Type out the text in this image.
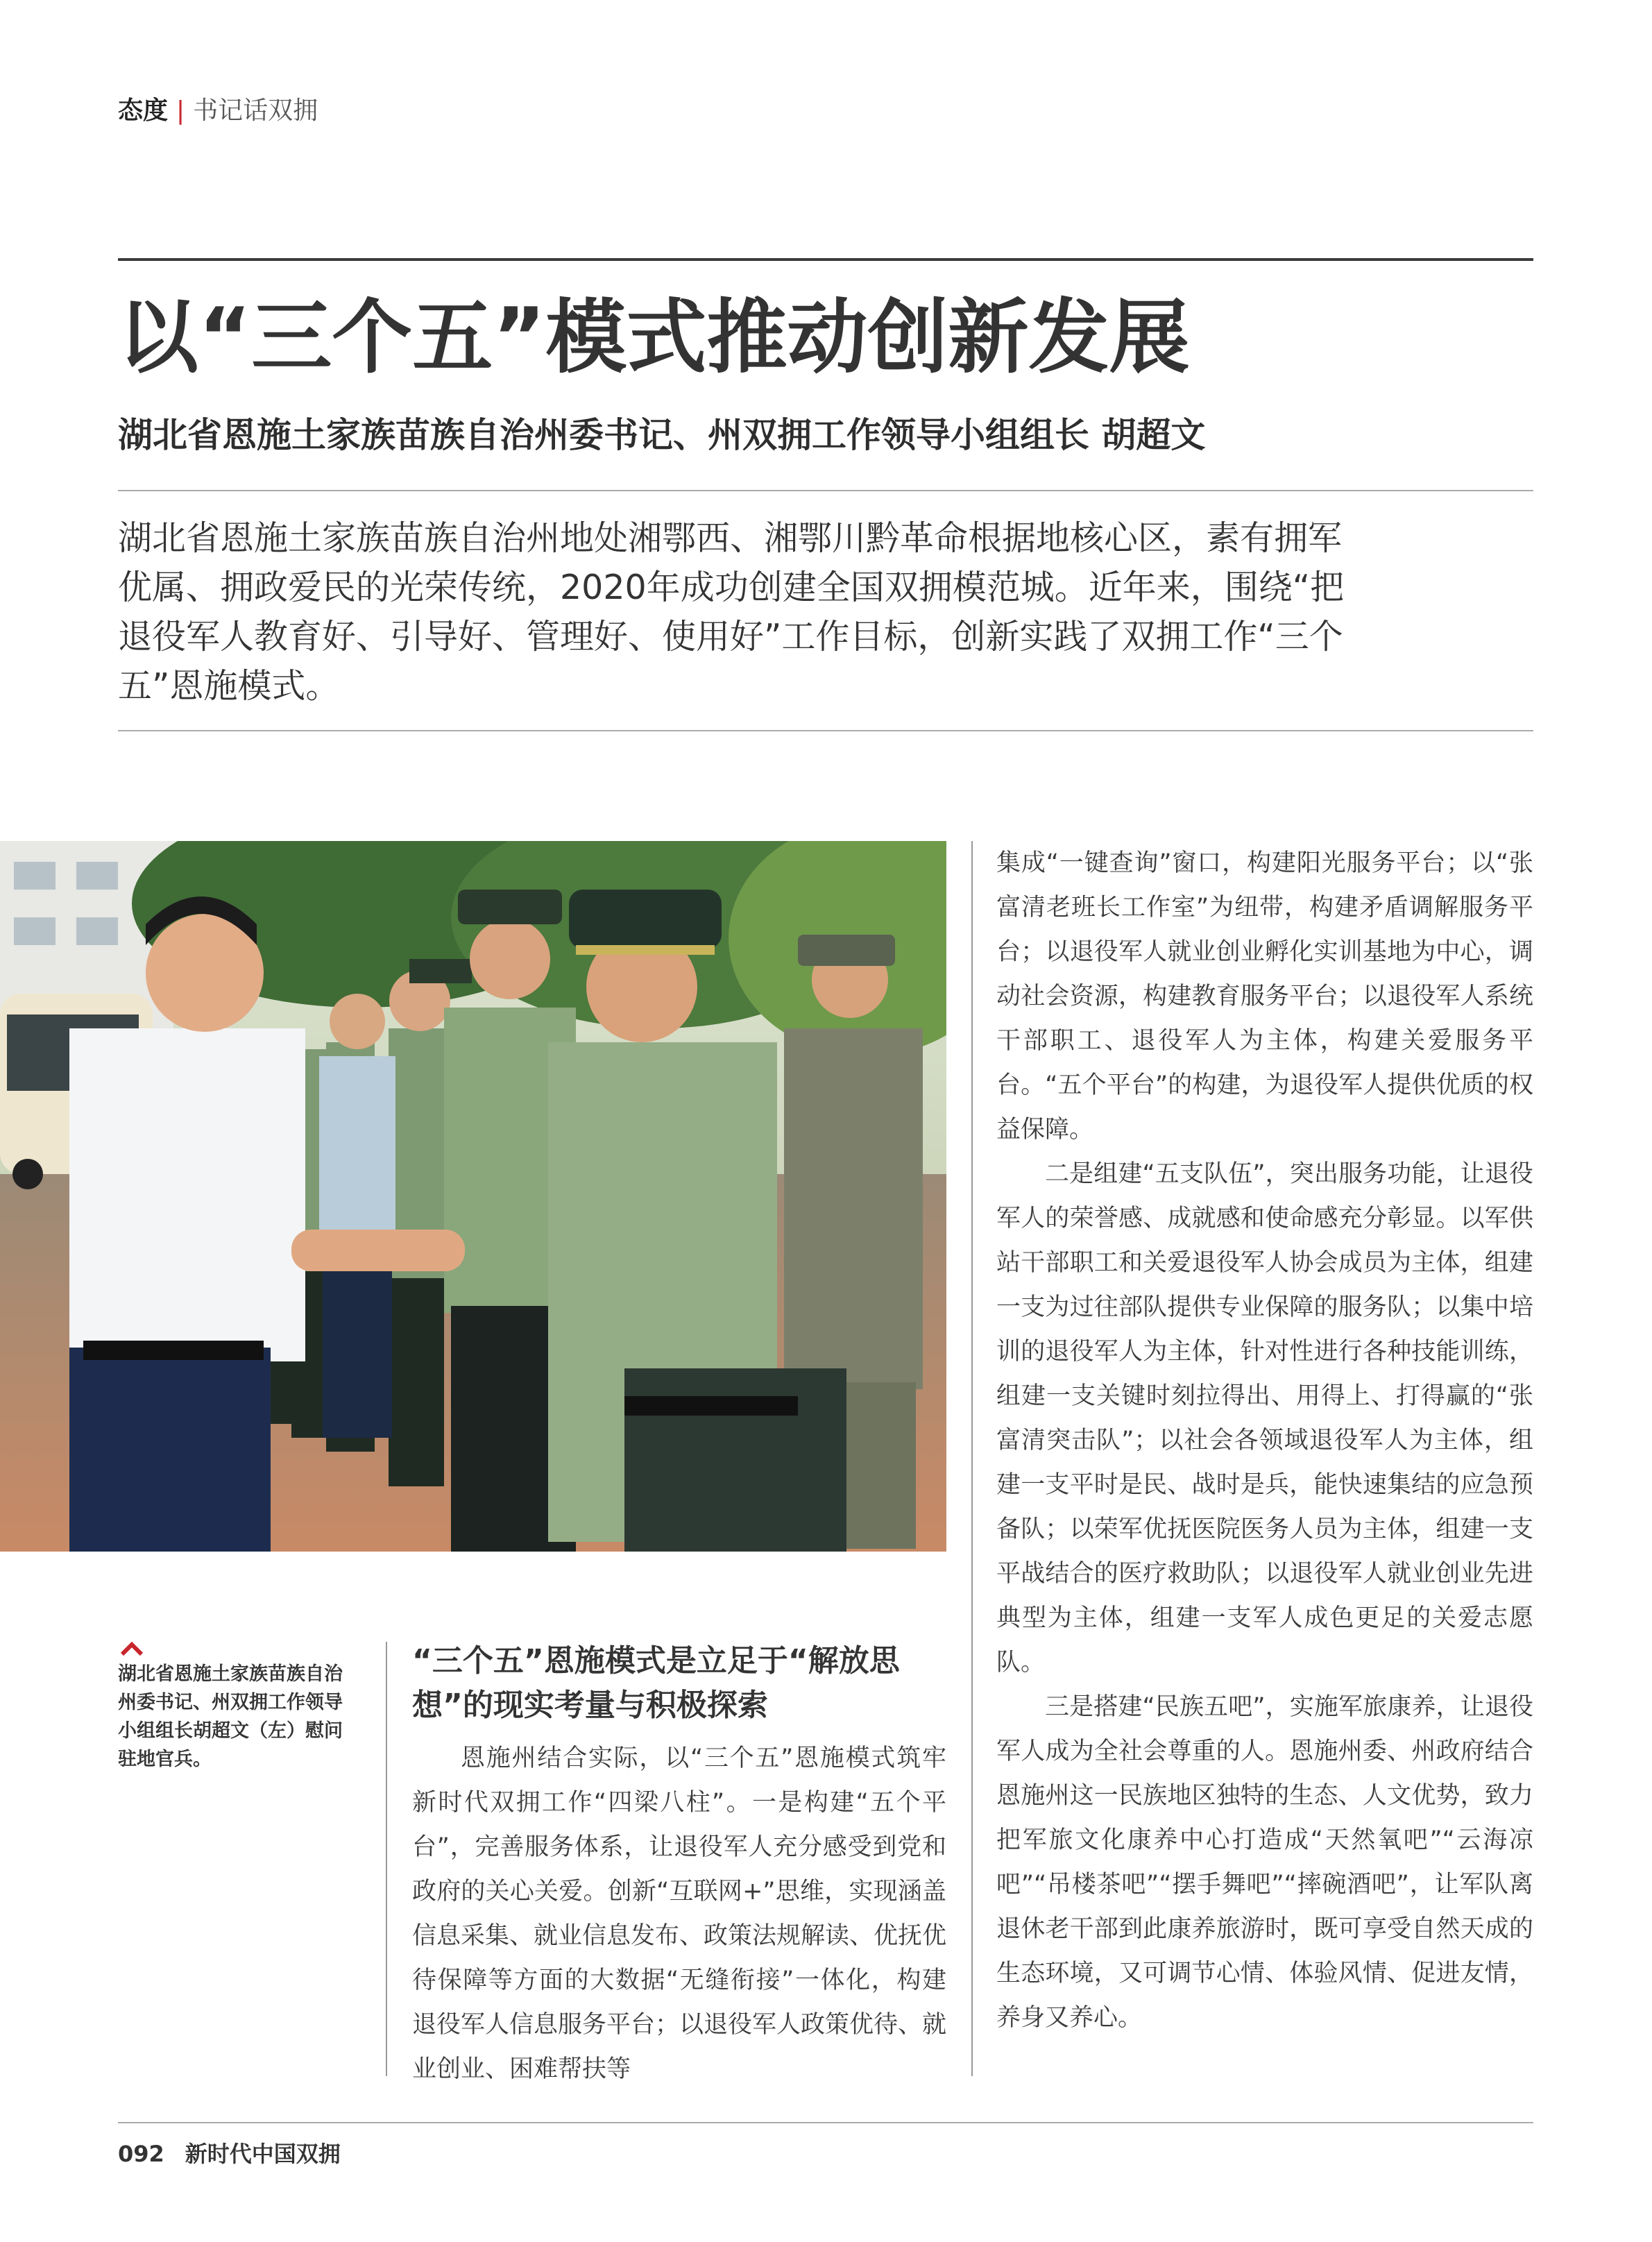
态度 | 书记话双拥
以“三个五”模式推动创新发展
湖北省恩施土家族苗族自治州委书记、州双拥工作领导小组组长 胡超文

湖北省恩施土家族苗族自治州地处湘鄂西、湘鄂川黔革命根据地核心区，素有拥军优属、拥政爱民的光荣传统，2020年成功创建全国双拥模范城。近年来，围绕“把退役军人教育好、引导好、管理好、使用好”工作目标，创新实践了双拥工作“三个五”恩施模式。

湖北省恩施土家族苗族自治州委书记、州双拥工作领导小组组长胡超文（左）慰问驻地官兵。
“三个五”恩施模式是立足于“解放思想”的现实考量与积极探索

恩施州结合实际，以“三个五”恩施模式筑牢新时代双拥工作“四梁八柱”。一是构建“五个平台”，完善服务体系，让退役军人充分感受到党和政府的关心关爱。创新“互联网+”思维，实现涵盖信息采集、就业信息发布、政策法规解读、优抚优待保障等方面的大数据“无缝衔接”一体化，构建退役军人信息服务平台；以退役军人政策优待、就业创业、困难帮扶等

集成“一键查询”窗口，构建阳光服务平台；以“张富清老班长工作室”为纽带，构建矛盾调解服务平台；以退役军人就业创业孵化实训基地为中心，调动社会资源，构建教育服务平台；以退役军人系统干部职工、退役军人为主体，构建关爱服务平台。“五个平台”的构建，为退役军人提供优质的权益保障。

二是组建“五支队伍”，突出服务功能，让退役军人的荣誉感、成就感和使命感充分彰显。以军供站干部职工和关爱退役军人协会成员为主体，组建一支为过往部队提供专业保障的服务队；以集中培训的退役军人为主体，针对性进行各种技能训练，组建一支关键时刻拉得出、用得上、打得赢的“张富清突击队”；以社会各领域退役军人为主体，组建一支平时是民、战时是兵，能快速集结的应急预备队；以荣军优抚医院医务人员为主体，组建一支平战结合的医疗救助队；以退役军人就业创业先进典型为主体，组建一支军人成色更足的关爱志愿队。

三是搭建“民族五吧”，实施军旅康养，让退役军人成为全社会尊重的人。恩施州委、州政府结合恩施州这一民族地区独特的生态、人文优势，致力把军旅文化康养中心打造成“天然氧吧”“云海凉吧”“吊楼茶吧”“摆手舞吧”“摔碗酒吧”，让军队离退休老干部到此康养旅游时，既可享受自然天成的生态环境，又可调节心情、体验风情、促进友情，养身又养心。

092 新时代中国双拥
